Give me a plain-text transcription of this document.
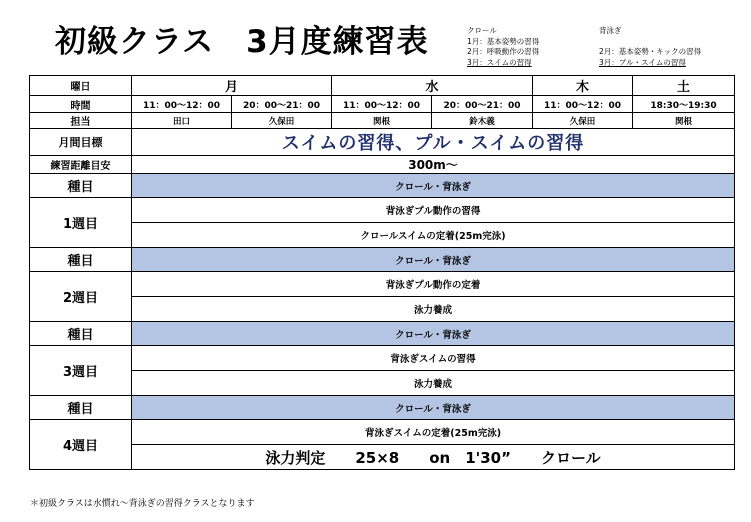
初級クラス　3月度練習表	クロール
1月：基本姿勢の習得
2月：呼吸動作の習得
3月：スイムの習得
背泳ぎ

2月：基本姿勢・キックの習得
3月：プル・スイムの習得
曜日	月		水		木	土
時間	11：00～12：00	20：00～21：00	11：00～12：00	20：00～21：00	11：00～12：00	18:30～19:30
担当	田口	久保田	関根	鈴木義	久保田	関根
月間目標	スイムの習得、プル・スイムの習得					
練習距離目安	300m～					
種目	クロール・背泳ぎ					
1週目	背泳ぎプル動作の習得					
	クロールスイムの定着(25m完泳)					
種目	クロール・背泳ぎ					
2週目	背泳ぎプル動作の定着					
	泳力養成					
種目	クロール・背泳ぎ					
3週目	背泳ぎスイムの習得					
	泳力養成					
種目	クロール・背泳ぎ					
4週目	背泳ぎスイムの定着(25m完泳)					
	泳力判定　　25×8　　on　1'30”　　クロール					
＊初級クラスは水慣れ～背泳ぎの習得クラスとなります
